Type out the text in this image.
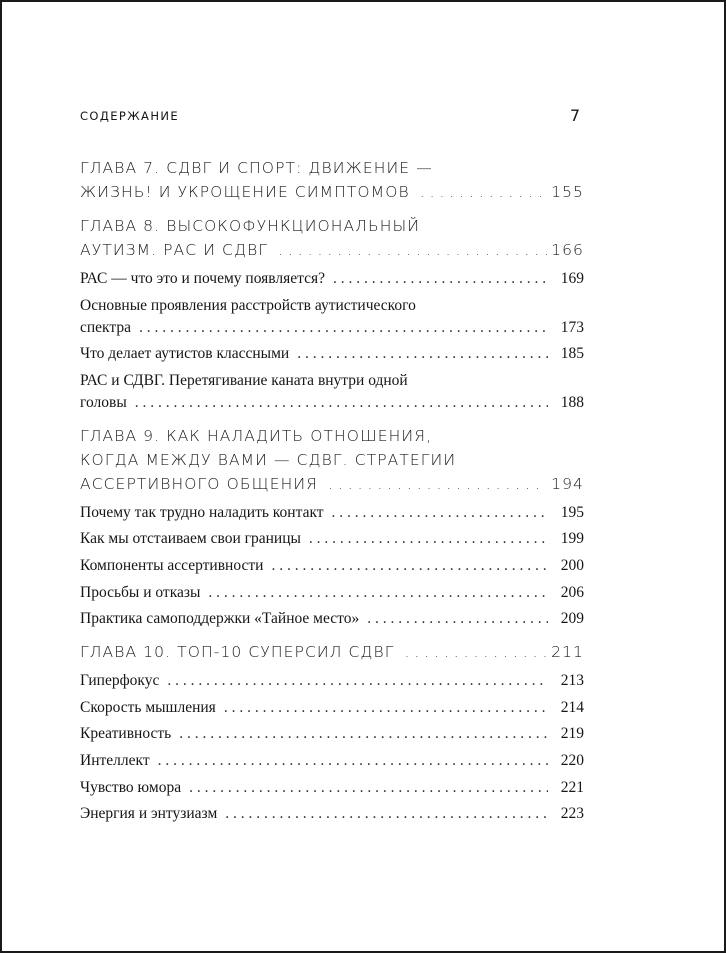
СОДЕРЖАНИЕ	7
ГЛАВА 7. СДВГ И СПОРТ: ДВИЖЕНИЕ —
ЖИЗНЬ! И УКРОЩЕНИЕ СИМПТОМОВ . . .	155
ГЛАВА 8. ВЫСОКОФУНКЦИОНАЛЬНЫЙ
АУТИЗМ. РАС И СДВГ . . .	166
РАС — что это и почему появляется? . . .	169
Основные проявления расстройств аутистического
спектра . . .	173
Что делает аутистов классными . . .	185
РАС и СДВГ. Перетягивание каната внутри одной
головы . . .	188
ГЛАВА 9. КАК НАЛАДИТЬ ОТНОШЕНИЯ,
КОГДА МЕЖДУ ВАМИ — СДВГ. СТРАТЕГИИ
АССЕРТИВНОГО ОБЩЕНИЯ . . .	194
Почему так трудно наладить контакт . . .	195
Как мы отстаиваем свои границы . . .	199
Компоненты ассертивности . . .	200
Просьбы и отказы . . .	206
Практика самоподдержки «Тайное место» . . .	209
ГЛАВА 10. ТОП-10 СУПЕРСИЛ СДВГ . . .	211
Гиперфокус . . .	213
Скорость мышления . . .	214
Креативность . . .	219
Интеллект . . .	220
Чувство юмора . . .	221
Энергия и энтузиазм . . .	223
